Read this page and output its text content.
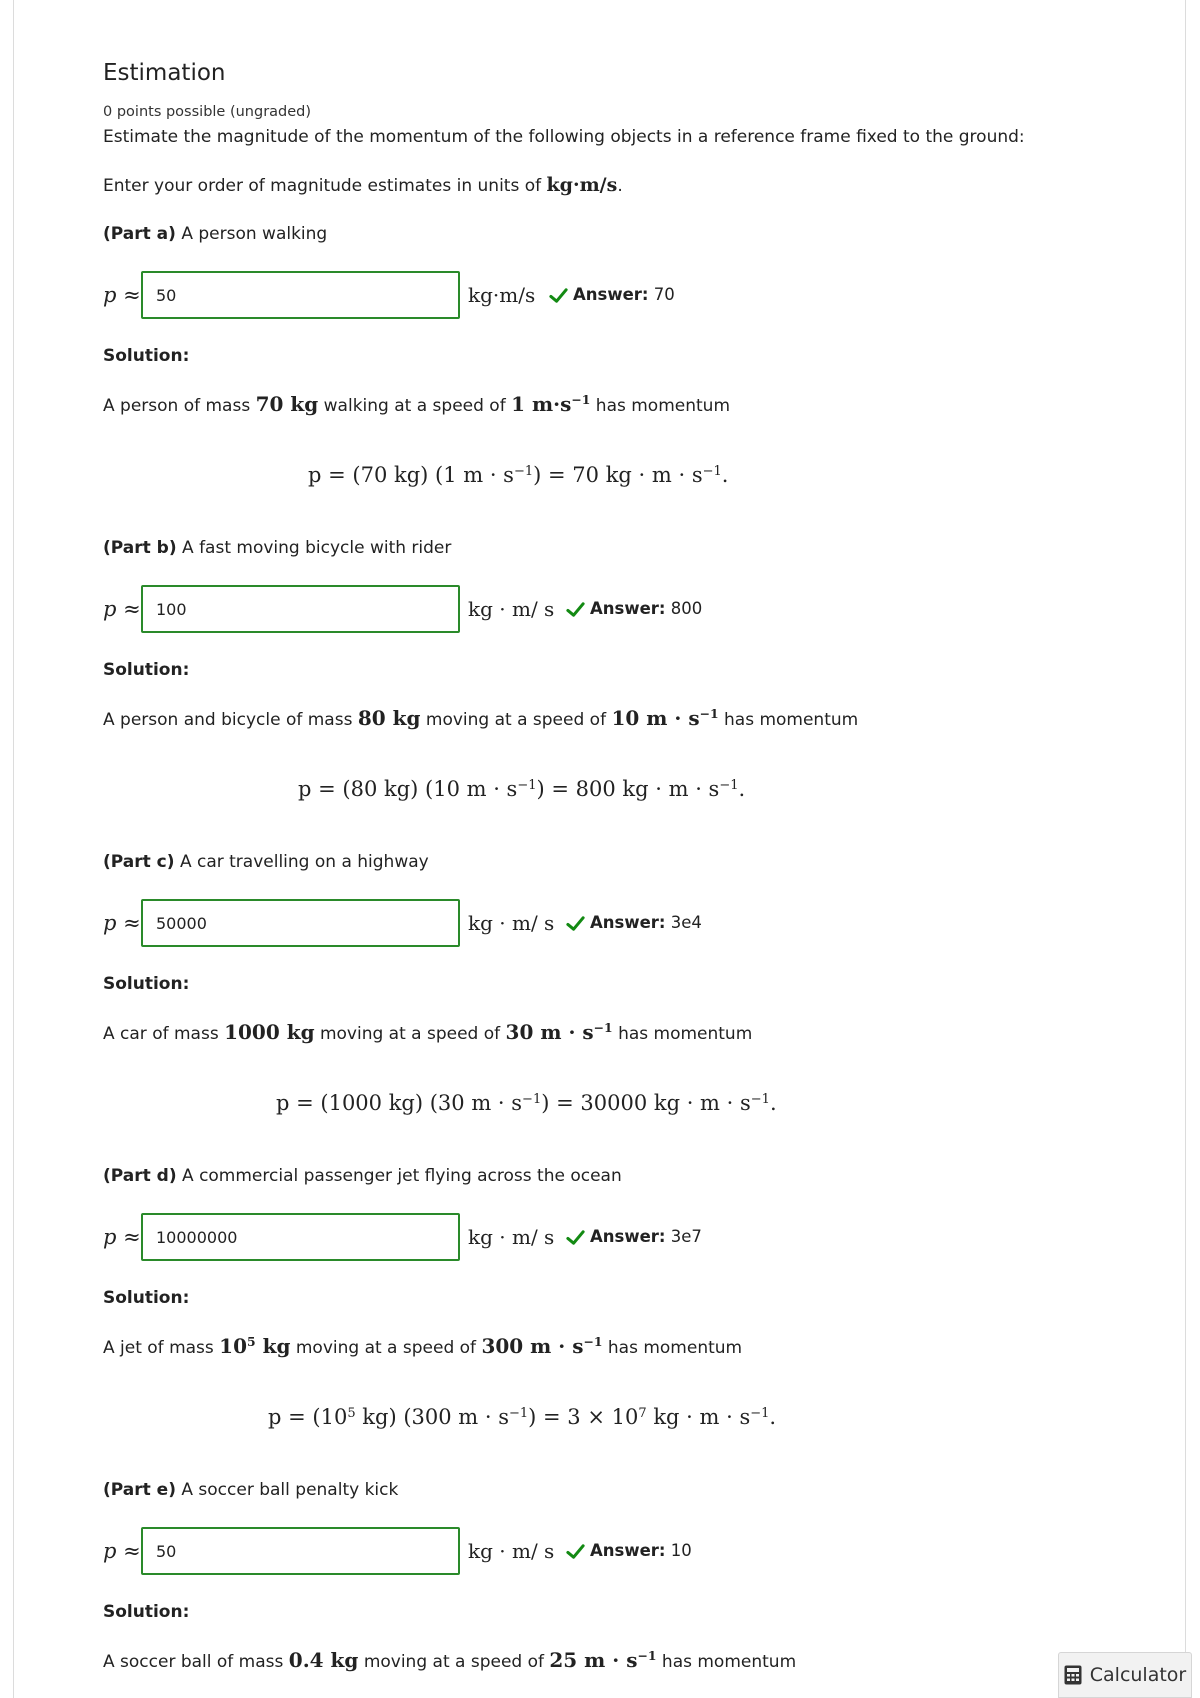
Estimation
0 points possible (ungraded)
Estimate the magnitude of the momentum of the following objects in a reference frame fixed to the ground:
Enter your order of magnitude estimates in units of kg·m/s.
(Part a) A person walking
p ≈
50	kg·m/s Answer: 70
Solution:
A person of mass 70 kg walking at a speed of 1 $m\cdot s^{-1}$ has momentum
p = (70 kg) (1 $m \cdot s^{-1}) = 70$ kg · $m \cdot s^{-1}$.
(Part b) A fast moving bicycle with rider
p ≈
100	kg · m/ s Answer: 800
Solution:
A person and bicycle of mass 80 kg moving at a speed of 10 $m \cdot s^{-1}$ has momentum
p = (80 kg) (10 $m \cdot s^{-1}) = 800$ kg · $m \cdot s^{-1}$.
(Part c) A car travelling on a highway
p ≈
50000	kg · m/ s Answer: 3e4
Solution:
A car of mass 1000 kg moving at a speed of 30 $m \cdot s^{-1}$ has momentum
p = (1000 kg) (30 $m \cdot s^{-1}) = 30000$ kg · $m \cdot s^{-1}$.
(Part d) A commercial passenger jet flying across the ocean
p ≈
10000000	kg · m/ s Answer: 3e7
Solution:
A jet of mass $10^5$ kg moving at a speed of 300 $m \cdot s^{-1}$ has momentum
$p = (10^5$ kg) (300 $m \cdot s^{-1}) = 3 \times 10^7$ kg · $m \cdot s^{-1}$.
(Part e) A soccer ball penalty kick
p ≈
50	kg · m/ s Answer: 10
Solution:
A soccer ball of mass 0.4 kg moving at a speed of 25 $m \cdot s^{-1}$ has momentum
Calculator
